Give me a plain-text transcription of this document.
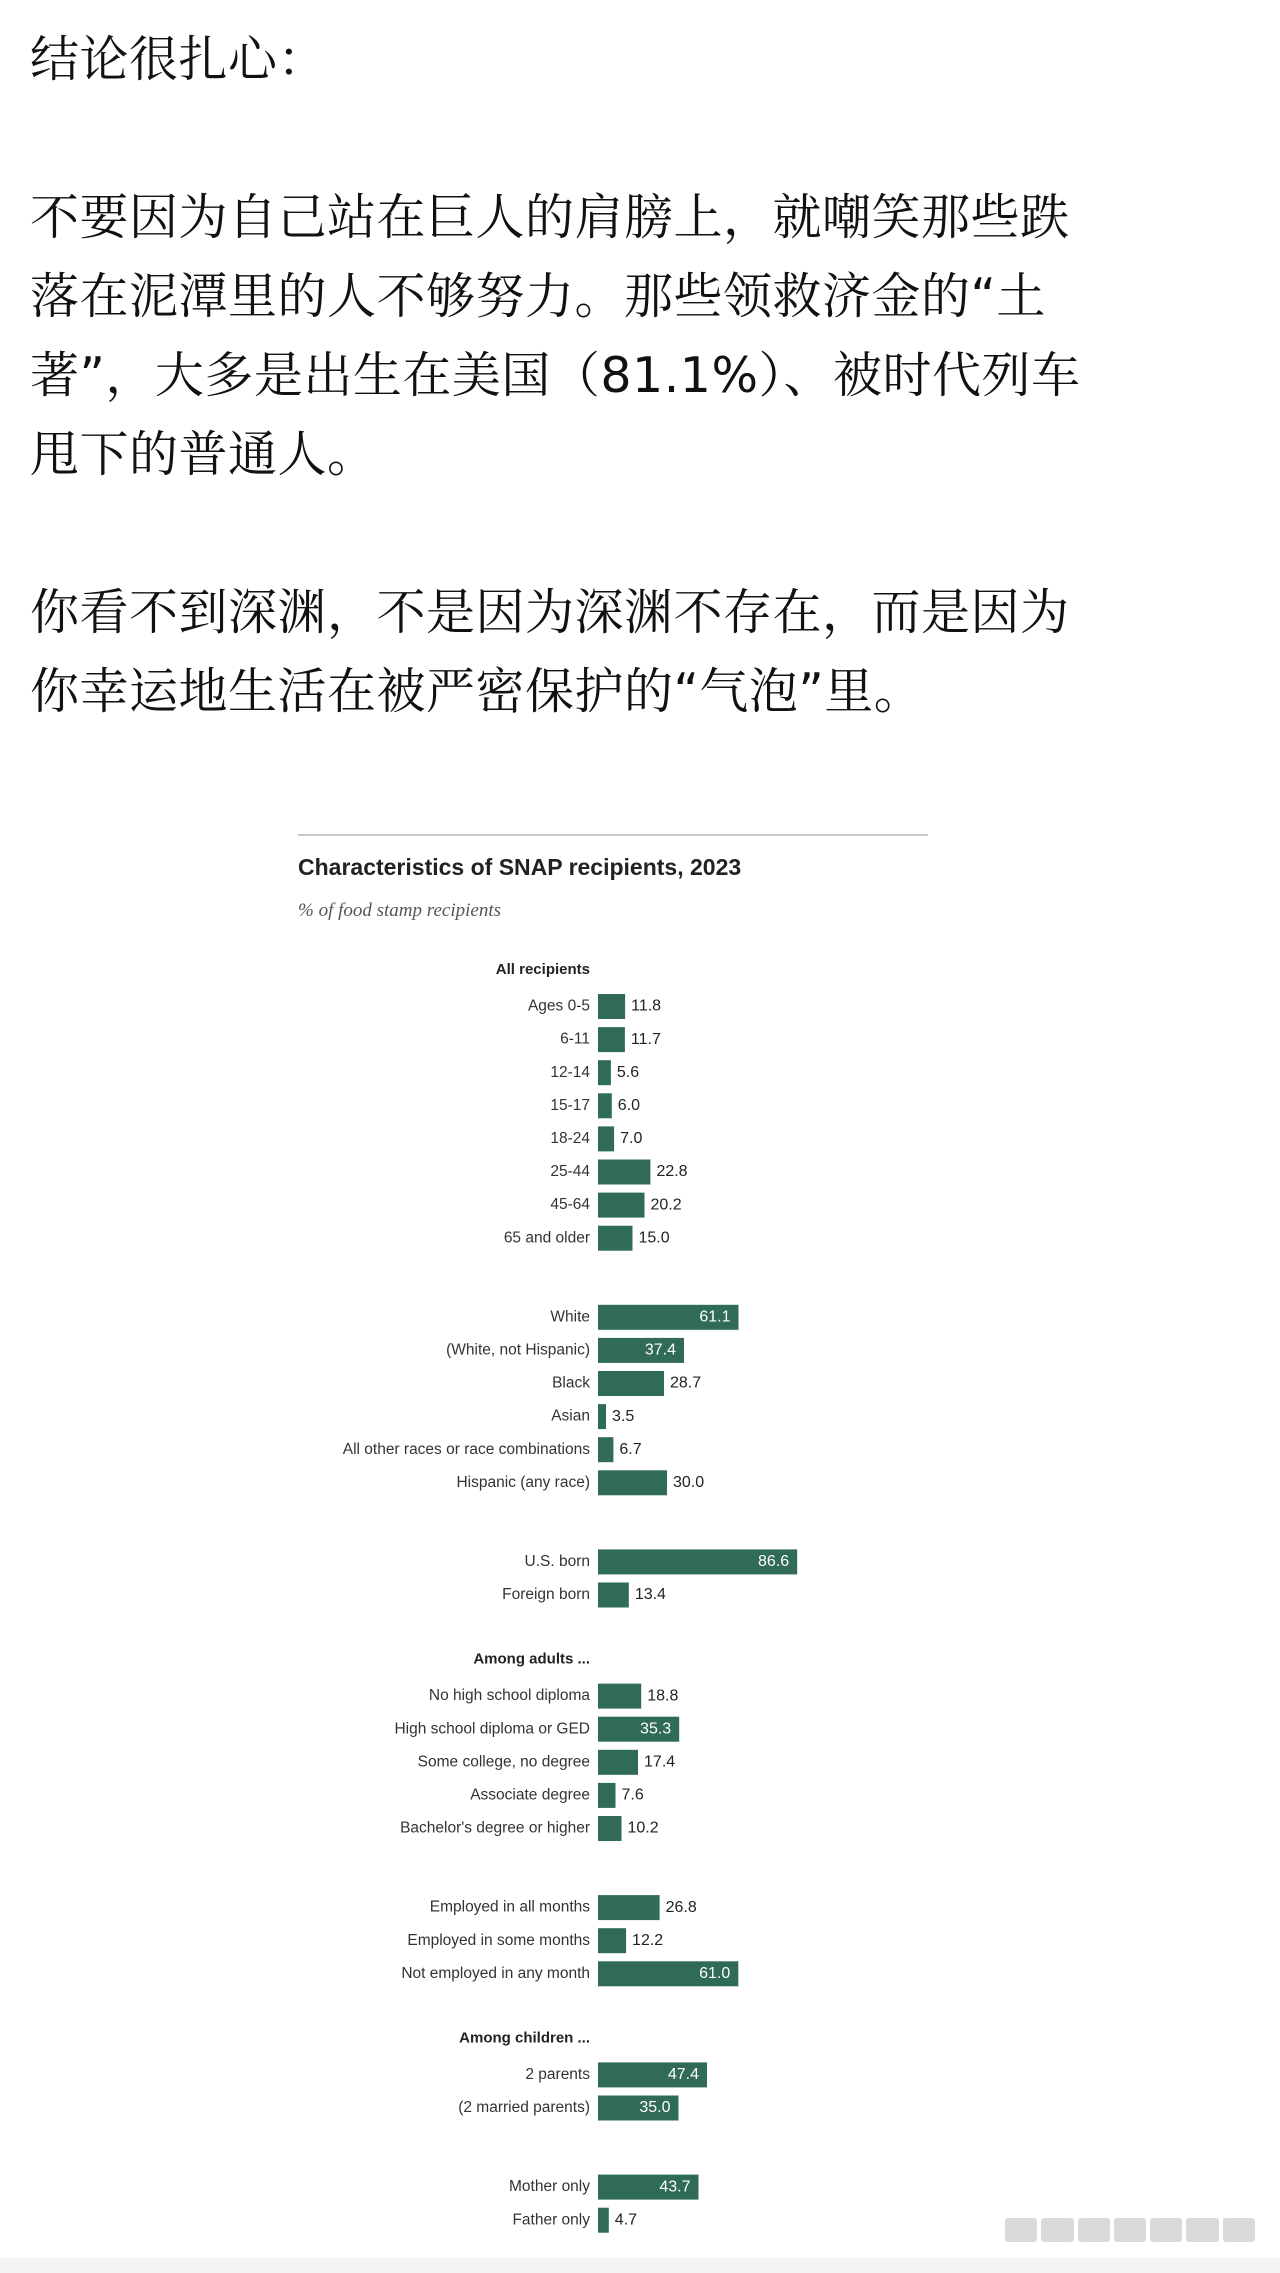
结论很扎心：

不要因为自己站在巨人的肩膀上，就嘲笑那些跌

落在泥潭里的人不够努力。那些领救济金的“土

著”，大多是出生在美国（81.1%）、被时代列车

甩下的普通人。

你看不到深渊，不是因为深渊不存在，而是因为

你幸运地生活在被严密保护的“气泡”里。

Characteristics of SNAP recipients, 2023
% of food stamp recipients
All recipients
Ages 0-5	11.8
6-11	11.7
12-14 5.6
15-17 6.0
18-24 7.0
25-44	22.8
45-64	20.2
65 and older	15.0
White	61.1
(White, not Hispanic)	37.4
Black	28.7
Asian 3.5
All other races or race combinations 6.7
Hispanic (any race)	30.0
U.S. born	86.6
Foreign born	13.4
Among adults ...
No high school diploma	18.8
High school diploma or GED	35.3
Some college, no degree	17.4
Associate degree 7.6
Bachelor's degree or higher 10.2
Employed in all months	26.8
Employed in some months	12.2
Not employed in any month	61.0
Among children ...
2 parents	47.4
(2 married parents)	35.0
Mother only	43.7
Father only 4.7
